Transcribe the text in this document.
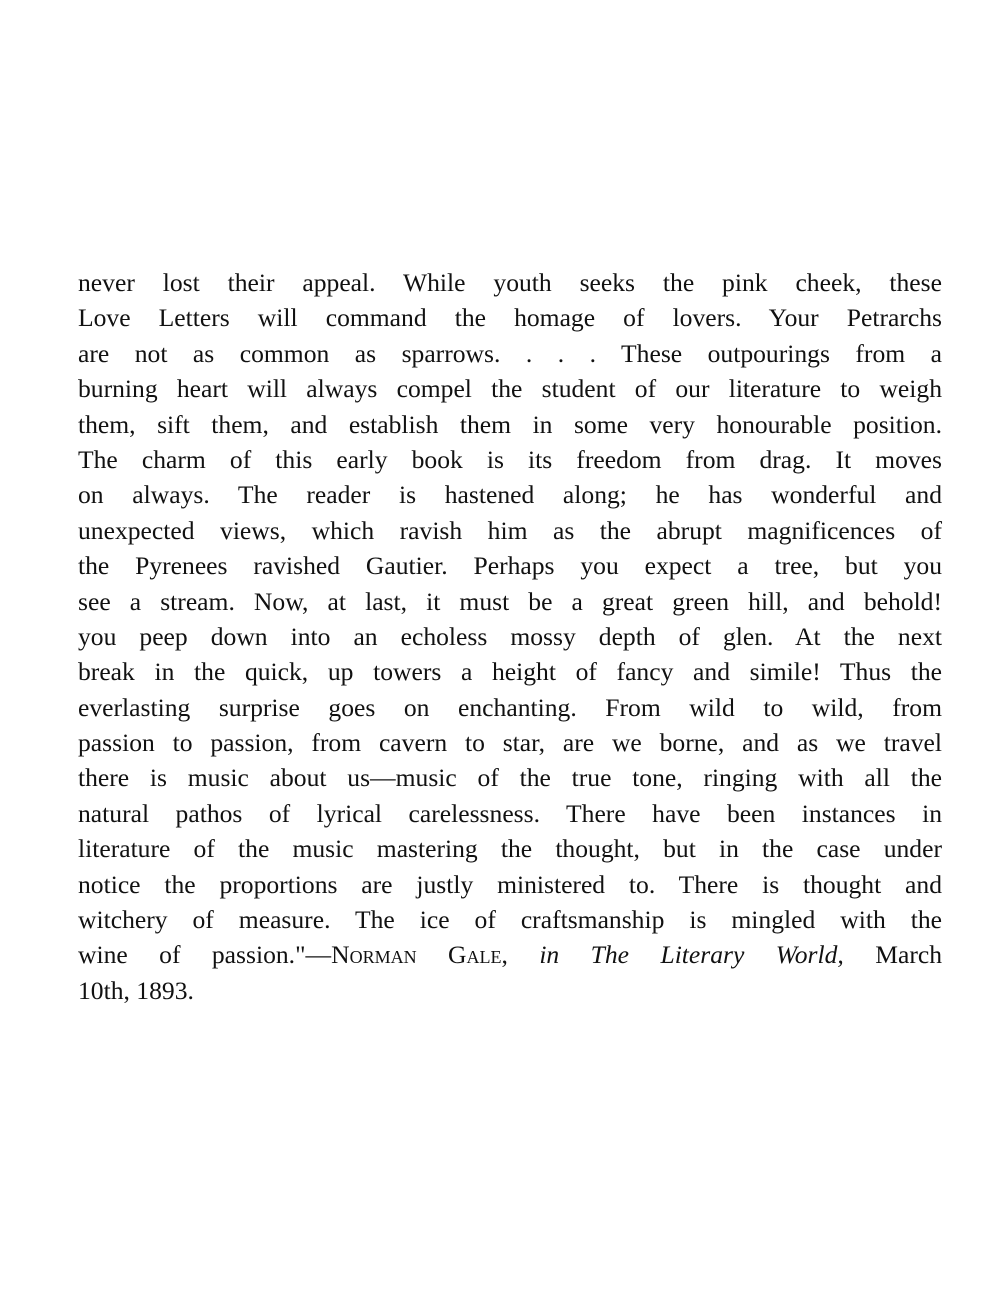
never lost their appeal. While youth seeks the pink cheek, these
Love Letters will command the homage of lovers. Your Petrarchs
are not as common as sparrows. . . . These outpourings from a
burning heart will always compel the student of our literature to weigh
them, sift them, and establish them in some very honourable position.
The charm of this early book is its freedom from drag. It moves
on always. The reader is hastened along; he has wonderful and
unexpected views, which ravish him as the abrupt magnificences of
the Pyrenees ravished Gautier. Perhaps you expect a tree, but you
see a stream. Now, at last, it must be a great green hill, and behold!
you peep down into an echoless mossy depth of glen. At the next
break in the quick, up towers a height of fancy and simile! Thus the
everlasting surprise goes on enchanting. From wild to wild, from
passion to passion, from cavern to star, are we borne, and as we travel
there is music about us—music of the true tone, ringing with all the
natural pathos of lyrical carelessness. There have been instances in
literature of the music mastering the thought, but in the case under
notice the proportions are justly ministered to. There is thought and
witchery of measure. The ice of craftsmanship is mingled with the
wine of passion."—Norman Gale, in The Literary World, March
10th, 1893.
